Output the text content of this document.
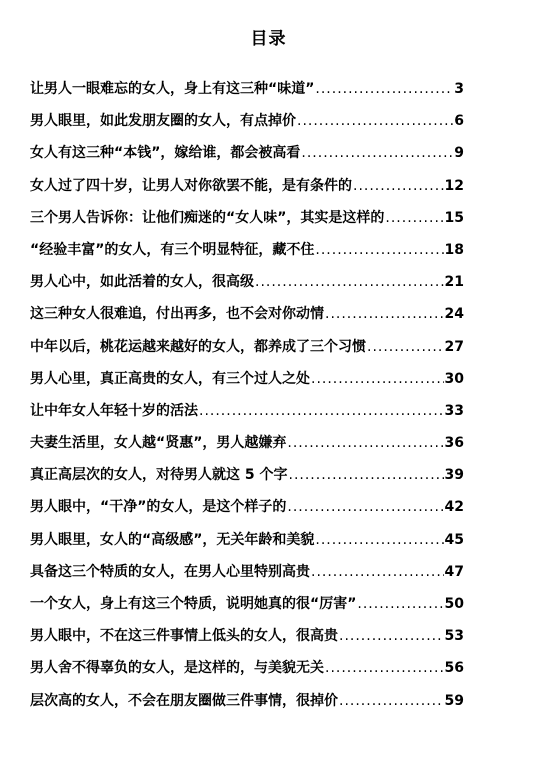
目录
让男人一眼难忘的女人，身上有这三种“味道” .....	3
男人眼里，如此发朋友圈的女人，有点掉价 .....	6
女人有这三种“本钱”，嫁给谁，都会被高看 .....	9
女人过了四十岁，让男人对你欲罢不能，是有条件的 .....	12
三个男人告诉你：让他们痴迷的“女人味”，其实是这样的 .....	15
“经验丰富”的女人，有三个明显特征，藏不住 .....	18
男人心中，如此活着的女人，很高级 .....	21
这三种女人很难追，付出再多，也不会对你动情 .....	24
中年以后，桃花运越来越好的女人，都养成了三个习惯 .....	27
男人心里，真正高贵的女人，有三个过人之处 .....	30
让中年女人年轻十岁的活法 .....	33
夫妻生活里，女人越“贤惠”，男人越嫌弃 .....	36
真正高层次的女人，对待男人就这 5 个字 .....	39
男人眼中，“干净”的女人，是这个样子的 .....	42
男人眼里，女人的“高级感”，无关年龄和美貌 .....	45
具备这三个特质的女人，在男人心里特别高贵 .....	47
一个女人，身上有这三个特质，说明她真的很“厉害” .....	50
男人眼中，不在这三件事情上低头的女人，很高贵 .....	53
男人舍不得辜负的女人，是这样的，与美貌无关 .....	56
层次高的女人，不会在朋友圈做三件事情，很掉价 .....	59
